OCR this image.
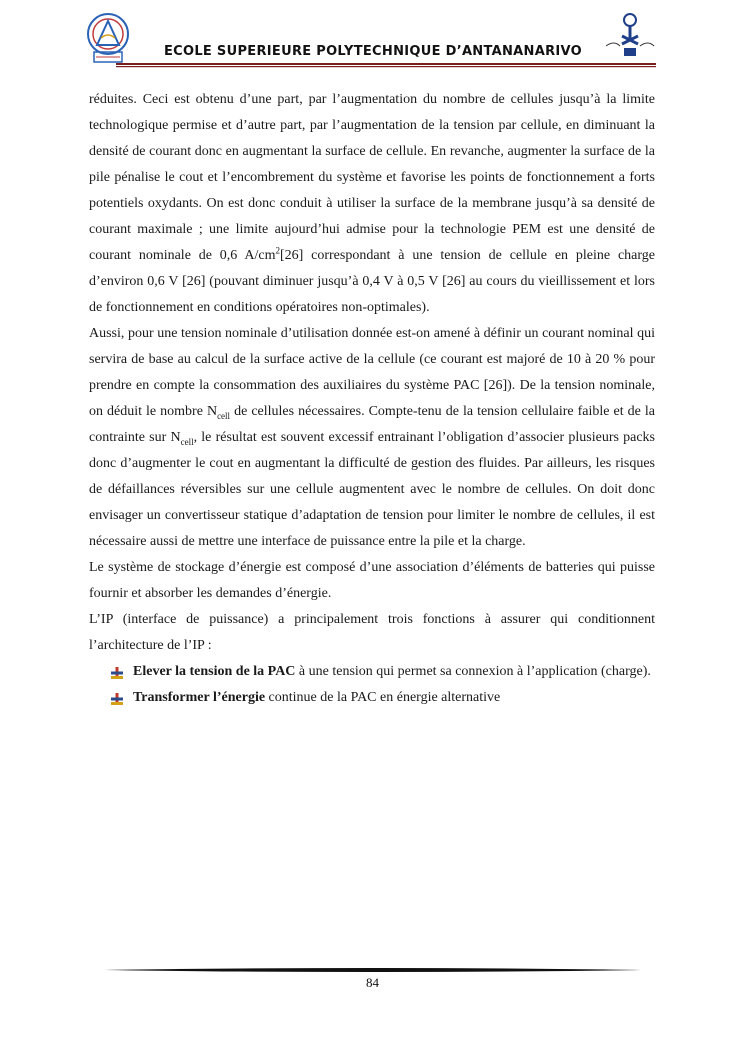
ECOLE SUPERIEURE POLYTECHNIQUE D’ANTANANARIVO

réduites. Ceci est obtenu d’une part, par l’augmentation du nombre de cellules jusqu’à la limite technologique permise et d’autre part, par l’augmentation de la tension par cellule, en diminuant la densité de courant donc en augmentant la surface de cellule. En revanche, augmenter la surface de la pile pénalise le cout et l’encombrement du système et favorise les points de fonctionnement a forts potentiels oxydants. On est donc conduit à utiliser la surface de la membrane jusqu’à sa densité de courant maximale ; une limite aujourd’hui admise pour la technologie PEM est une densité de courant nominale de 0,6 $A/cm^2[26]$ correspondant à une tension de cellule en pleine charge d’environ 0,6 V [26] (pouvant diminuer jusqu’à 0,4 V à 0,5 V [26] au cours du vieillissement et lors de fonctionnement en conditions opératoires non-optimales).

Aussi, pour une tension nominale d’utilisation donnée est-on amené à définir un courant nominal qui servira de base au calcul de la surface active de la cellule (ce courant est majoré de 10 à 20 % pour prendre en compte la consommation des auxiliaires du système PAC [26]). De la tension nominale, on déduit le nombre $N_{cell}$ de cellules nécessaires. Compte-tenu de la tension cellulaire faible et de la contrainte sur $N_{cell}$, le résultat est souvent excessif entrainant l’obligation d’associer plusieurs packs donc d’augmenter le cout en augmentant la difficulté de gestion des fluides. Par ailleurs, les risques de défaillances réversibles sur une cellule augmentent avec le nombre de cellules. On doit donc envisager un convertisseur statique d’adaptation de tension pour limiter le nombre de cellules, il est nécessaire aussi de mettre une interface de puissance entre la pile et la charge.

Le système de stockage d’énergie est composé d’une association d’éléments de batteries qui puisse fournir et absorber les demandes d’énergie.

L’IP (interface de puissance) a principalement trois fonctions à assurer qui conditionnent l’architecture de l’IP :

Elever la tension de la PAC à une tension qui permet sa connexion à l’application (charge).
Transformer l’énergie continue de la PAC en énergie alternative
84
